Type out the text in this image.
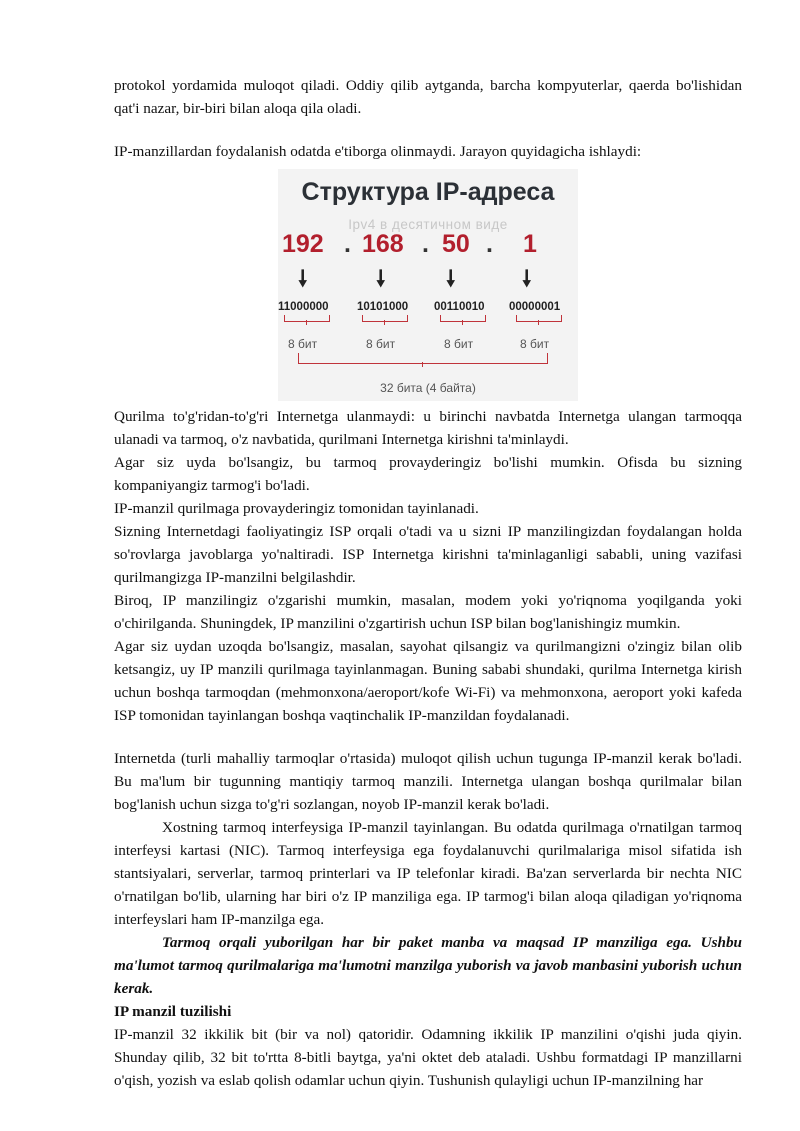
protokol yordamida muloqot qiladi. Oddiy qilib aytganda, barcha kompyuterlar, qaerda bo'lishidan qat'i nazar, bir-biri bilan aloqa qila oladi.

IP-manzillardan foydalanish odatda e'tiborga olinmaydi. Jarayon quyidagicha ishlaydi:

Структура IP-адреса
Ipv4 в десятичном виде
192 . 168 . 50 . 1
🠗	🠗	🠗	🠗
11000000 10101000 00110010 00000001
8 бит	8 бит	8 бит	8 бит
32 бита (4 байта)

Qurilma to'g'ridan-to'g'ri Internetga ulanmaydi: u birinchi navbatda Internetga ulangan tarmoqqa ulanadi va tarmoq, o'z navbatida, qurilmani Internetga kirishni ta'minlaydi.

Agar siz uyda bo'lsangiz, bu tarmoq provayderingiz bo'lishi mumkin. Ofisda bu sizning kompaniyangiz tarmog'i bo'ladi.

IP-manzil qurilmaga provayderingiz tomonidan tayinlanadi.

Sizning Internetdagi faoliyatingiz ISP orqali o'tadi va u sizni IP manzilingizdan foydalangan holda so'rovlarga javoblarga yo'naltiradi. ISP Internetga kirishni ta'minlaganligi sababli, uning vazifasi qurilmangizga IP-manzilni belgilashdir.

Biroq, IP manzilingiz o'zgarishi mumkin, masalan, modem yoki yo'riqnoma yoqilganda yoki o'chirilganda. Shuningdek, IP manzilini o'zgartirish uchun ISP bilan bog'lanishingiz mumkin.

Agar siz uydan uzoqda bo'lsangiz, masalan, sayohat qilsangiz va qurilmangizni o'zingiz bilan olib ketsangiz, uy IP manzili qurilmaga tayinlanmagan. Buning sababi shundaki, qurilma Internetga kirish uchun boshqa tarmoqdan (mehmonxona/aeroport/kofe Wi-Fi) va mehmonxona, aeroport yoki kafeda ISP tomonidan tayinlangan boshqa vaqtinchalik IP-manzildan foydalanadi.

Internetda (turli mahalliy tarmoqlar o'rtasida) muloqot qilish uchun tugunga IP-manzil kerak bo'ladi. Bu ma'lum bir tugunning mantiqiy tarmoq manzili. Internetga ulangan boshqa qurilmalar bilan bog'lanish uchun sizga to'g'ri sozlangan, noyob IP-manzil kerak bo'ladi.

Xostning tarmoq interfeysiga IP-manzil tayinlangan. Bu odatda qurilmaga o'rnatilgan tarmoq interfeysi kartasi (NIC). Tarmoq interfeysiga ega foydalanuvchi qurilmalariga misol sifatida ish stantsiyalari, serverlar, tarmoq printerlari va IP telefonlar kiradi. Ba'zan serverlarda bir nechta NIC o'rnatilgan bo'lib, ularning har biri o'z IP manziliga ega. IP tarmog'i bilan aloqa qiladigan yo'riqnoma interfeyslari ham IP-manzilga ega.

Tarmoq orqali yuborilgan har bir paket manba va maqsad IP manziliga ega. Ushbu ma'lumot tarmoq qurilmalariga ma'lumotni manzilga yuborish va javob manbasini yuborish uchun kerak.

IP manzil tuzilishi

IP-manzil 32 ikkilik bit (bir va nol) qatoridir. Odamning ikkilik IP manzilini o'qishi juda qiyin. Shunday qilib, 32 bit to'rtta 8-bitli baytga, ya'ni oktet deb ataladi. Ushbu formatdagi IP manzillarni o'qish, yozish va eslab qolish odamlar uchun qiyin. Tushunish qulayligi uchun IP-manzilning har
